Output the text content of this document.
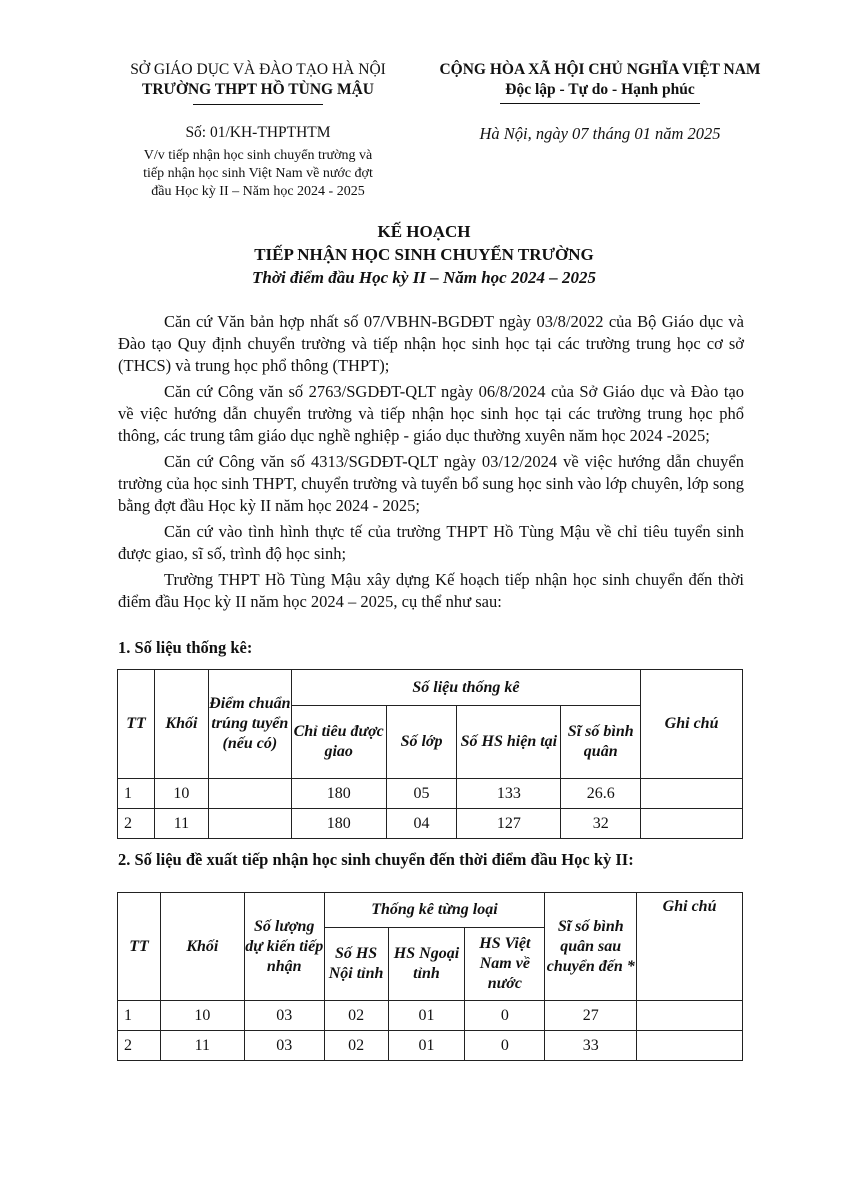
SỞ GIÁO DỤC VÀ ĐÀO TẠO HÀ NỘI
TRƯỜNG THPT HỒ TÙNG MẬU
CỘNG HÒA XÃ HỘI CHỦ NGHĨA VIỆT NAM
Độc lập - Tự do - Hạnh phúc
Số: 01/KH-THPTHTM
V/v tiếp nhận học sinh chuyển trường và
tiếp nhận học sinh Việt Nam về nước đợt
đầu Học kỳ II – Năm học 2024 - 2025
Hà Nội, ngày 07 tháng 01 năm 2025
KẾ HOẠCH
TIẾP NHẬN HỌC SINH CHUYỂN TRƯỜNG
Thời điểm đầu Học kỳ II – Năm học 2024 – 2025

Căn cứ Văn bản hợp nhất số 07/VBHN-BGDĐT ngày 03/8/2022 của Bộ Giáo dục và Đào tạo Quy định chuyển trường và tiếp nhận học sinh học tại các trường trung học cơ sở (THCS) và trung học phổ thông (THPT);

Căn cứ Công văn số 2763/SGDĐT-QLT ngày 06/8/2024 của Sở Giáo dục và Đào tạo về việc hướng dẫn chuyển trường và tiếp nhận học sinh học tại các trường trung học phổ thông, các trung tâm giáo dục nghề nghiệp - giáo dục thường xuyên năm học 2024 -2025;

Căn cứ Công văn số 4313/SGDĐT-QLT ngày 03/12/2024 về việc hướng dẫn chuyển trường của học sinh THPT, chuyển trường và tuyển bổ sung học sinh vào lớp chuyên, lớp song bằng đợt đầu Học kỳ II năm học 2024 - 2025;

Căn cứ vào tình hình thực tế của trường THPT Hồ Tùng Mậu về chỉ tiêu tuyển sinh được giao, sĩ số, trình độ học sinh;

Trường THPT Hồ Tùng Mậu xây dựng Kế hoạch tiếp nhận học sinh chuyển đến thời điểm đầu Học kỳ II năm học 2024 – 2025, cụ thể như sau:

1. Số liệu thống kê:
TT	Khối	Điểm chuẩn trúng tuyển (nếu có)	Số liệu thống kê				Ghi chú
			Chỉ tiêu được giao	Số lớp	Số HS hiện tại	Sĩ số bình quân	
1	10		180	05	133	26.6	
2	11		180	04	127	32	
2. Số liệu đề xuất tiếp nhận học sinh chuyển đến thời điểm đầu Học kỳ II:
TT	Khối	Số lượng dự kiến tiếp nhận	Thống kê từng loại			Sĩ số bình quân sau chuyển đến *	Ghi chú
			Số HS Nội tỉnh	HS Ngoại tỉnh	HS Việt Nam về nước		
1	10	03	02	01	0	27	
2	11	03	02	01	0	33	
